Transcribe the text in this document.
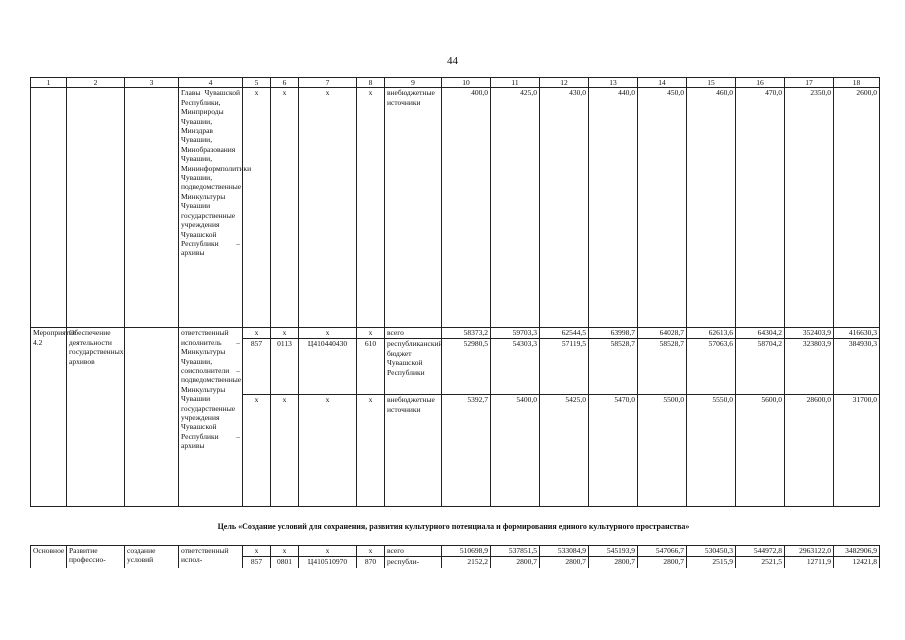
44
1	2	3	4	5	6	7	8	9	10	11	12	13	14	15	16	17	18
			Главы Чувашской Республики, Минприроды Чувашии, Минздрав Чувашии, Минобразования Чувашии, Мининформполитики Чувашии, подведомственные Минкультуры Чувашии государственные учреждения Чувашской Республики – архивы	x	x	x	x	внебюджетные источники	400,0	425,0	430,0	440,0	450,0	460,0	470,0	2350,0	2600,0
Мероприятие 4.2	Обеспечение деятельности государственных архивов		ответственный исполнитель – Минкультуры Чувашии, соисполнители – подведомственные Минкультуры Чувашии государственные учреждения Чувашской Республики – архивы	x	x	x	x	всего	58373,2	59703,3	62544,5	63998,7	64028,7	62613,6	64304,2	352403,9	416630,3
				857	0113	Ц410440430	610	республиканский бюджет Чувашской Республики	52980,5	54303,3	57119,5	58528,7	58528,7	57063,6	58704,2	323803,9	384930,3
				x	x	x	x	внебюджетные источники	5392,7	5400,0	5425,0	5470,0	5500,0	5550,0	5600,0	28600,0	31700,0
Цель «Создание условий для сохранения, развития культурного потенциала и формирования единого культурного пространства»
Основное	Развитие профессио-	создание условий	ответственный испол-	x	x	x	x	всего	510698,9	537851,5	533084,9	545193,9	547066,7	530450,3	544972,8	2963122,0	3482906,9
				857	0801	Ц410510970	870	республи-	2152,2	2800,7	2800,7	2800,7	2800,7	2515,9	2521,5	12711,9	12421,8
